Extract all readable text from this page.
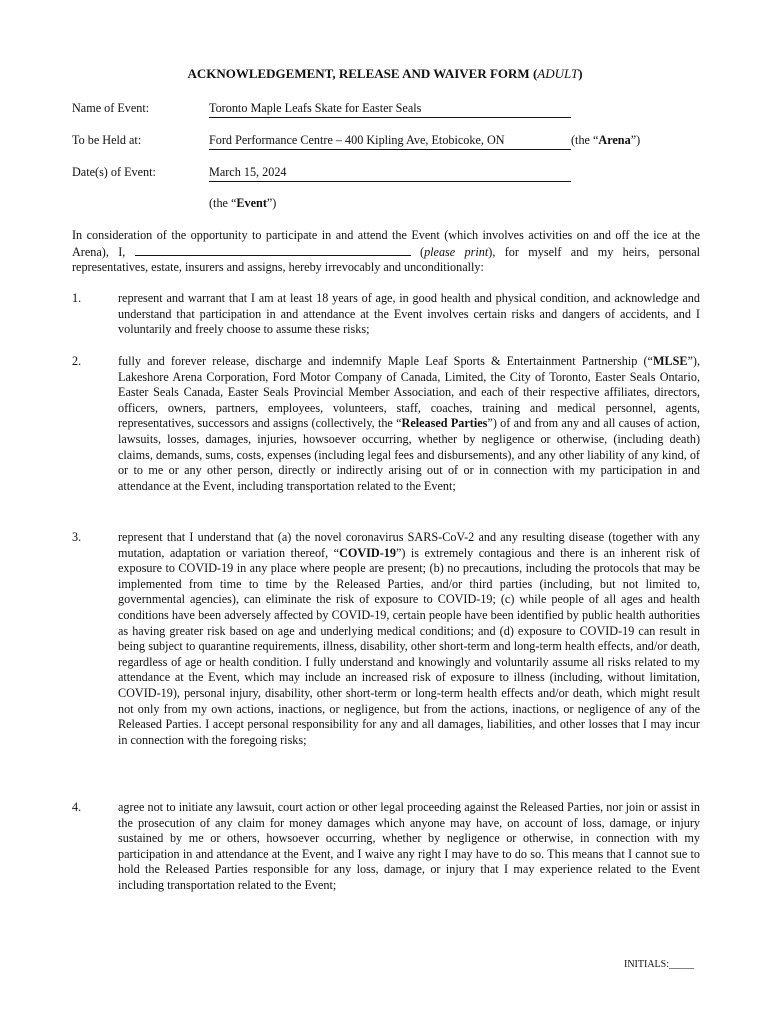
ACKNOWLEDGEMENT, RELEASE AND WAIVER FORM (ADULT)
Name of Event:	Toronto Maple Leafs Skate for Easter Seals
To be Held at:	Ford Performance Centre – 400 Kipling Ave, Etobicoke, ON	(the “Arena”)
Date(s) of Event:	March 15, 2024
(the “Event”)
In consideration of the opportunity to participate in and attend the Event (which involves activities on and off the ice at the Arena), I,	(please print), for myself and my heirs, personal representatives, estate, insurers and assigns, hereby irrevocably and unconditionally:
1.	represent and warrant that I am at least 18 years of age, in good health and physical condition, and acknowledge and understand that participation in and attendance at the Event involves certain risks and dangers of accidents, and I voluntarily and freely choose to assume these risks;
2.	fully and forever release, discharge and indemnify Maple Leaf Sports & Entertainment Partnership (“MLSE”), Lakeshore Arena Corporation, Ford Motor Company of Canada, Limited, the City of Toronto, Easter Seals Ontario, Easter Seals Canada, Easter Seals Provincial Member Association, and each of their respective affiliates, directors, officers, owners, partners, employees, volunteers, staff, coaches, training and medical personnel, agents, representatives, successors and assigns (collectively, the “Released Parties”) of and from any and all causes of action, lawsuits, losses, damages, injuries, howsoever occurring, whether by negligence or otherwise, (including death) claims, demands, sums, costs, expenses (including legal fees and disbursements), and any other liability of any kind, of or to me or any other person, directly or indirectly arising out of or in connection with my participation in and attendance at the Event, including transportation related to the Event;
3.	represent that I understand that (a) the novel coronavirus SARS-CoV-2 and any resulting disease (together with any mutation, adaptation or variation thereof, “COVID-19”) is extremely contagious and there is an inherent risk of exposure to COVID-19 in any place where people are present; (b) no precautions, including the protocols that may be implemented from time to time by the Released Parties, and/or third parties (including, but not limited to, governmental agencies), can eliminate the risk of exposure to COVID-19; (c) while people of all ages and health conditions have been adversely affected by COVID-19, certain people have been identified by public health authorities as having greater risk based on age and underlying medical conditions; and (d) exposure to COVID-19 can result in being subject to quarantine requirements, illness, disability, other short-term and long-term health effects, and/or death, regardless of age or health condition. I fully understand and knowingly and voluntarily assume all risks related to my attendance at the Event, which may include an increased risk of exposure to illness (including, without limitation, COVID-19), personal injury, disability, other short-term or long-term health effects and/or death, which might result not only from my own actions, inactions, or negligence, but from the actions, inactions, or negligence of any of the Released Parties. I accept personal responsibility for any and all damages, liabilities, and other losses that I may incur in connection with the foregoing risks;
4.	agree not to initiate any lawsuit, court action or other legal proceeding against the Released Parties, nor join or assist in the prosecution of any claim for money damages which anyone may have, on account of loss, damage, or injury sustained by me or others, howsoever occurring, whether by negligence or otherwise, in connection with my participation in and attendance at the Event, and I waive any right I may have to do so. This means that I cannot sue to hold the Released Parties responsible for any loss, damage, or injury that I may experience related to the Event including transportation related to the Event;
INITIALS:_____
